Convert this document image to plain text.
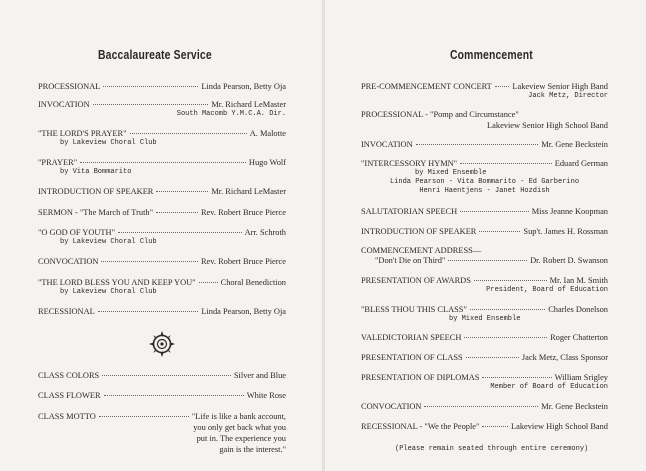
Baccalaureate Service
PROCESSIONAL	Linda Pearson, Betty Oja
INVOCATION	Mr. Richard LeMaster
South Macomb Y.M.C.A. Dir.
"THE LORD'S PRAYER"	A. Malotte
by Lakeview Choral Club
"PRAYER"	Hugo Wolf
by Vita Bommarito
INTRODUCTION OF SPEAKER	Mr. Richard LeMaster
SERMON - "The March of Truth"	Rev. Robert Bruce Pierce
"O GOD OF YOUTH"	Arr. Schroth
by Lakeview Choral Club
CONVOCATION	Rev. Robert Bruce Pierce
"THE LORD BLESS YOU AND KEEP YOU"	Choral Benediction
by Lakeview Choral Club
RECESSIONAL	Linda Pearson, Betty Oja
CLASS COLORS	Silver and Blue
CLASS FLOWER	White Rose
CLASS MOTTO	"Life is like a bank account,
you only get back what you
put in. The experience you
gain is the interest."
Commencement
PRE-COMMENCEMENT CONCERT Lakeview Senior High Band
Jack Metz, Director
PROCESSIONAL - "Pomp and Circumstance"
Lakeview Senior High School Band
INVOCATION	Mr. Gene Beckstein
"INTERCESSORY HYMN"	Eduard German
by Mixed Ensemble
Linda Pearson - Vita Bommarito - Ed Garberino
Henri Haentjens - Janet Hozdish
SALUTATORIAN SPEECH	Miss Jeanne Koopman
INTRODUCTION OF SPEAKER	Sup't. James H. Rossman
COMMENCEMENT ADDRESS—
"Don't Die on Third"	Dr. Robert D. Swanson
PRESENTATION OF AWARDS	Mr. Ian M. Smith
President, Board of Education
"BLESS THOU THIS CLASS"	Charles Donelson
by Mixed Ensemble
VALEDICTORIAN SPEECH	Roger Chatterton
PRESENTATION OF CLASS	Jack Metz, Class Sponsor
PRESENTATION OF DIPLOMAS	William Srigley
Member of Board of Education
CONVOCATION	Mr. Gene Beckstein
RECESSIONAL - "We the People"	Lakeview High School Band
(Please remain seated through entire ceremony)
